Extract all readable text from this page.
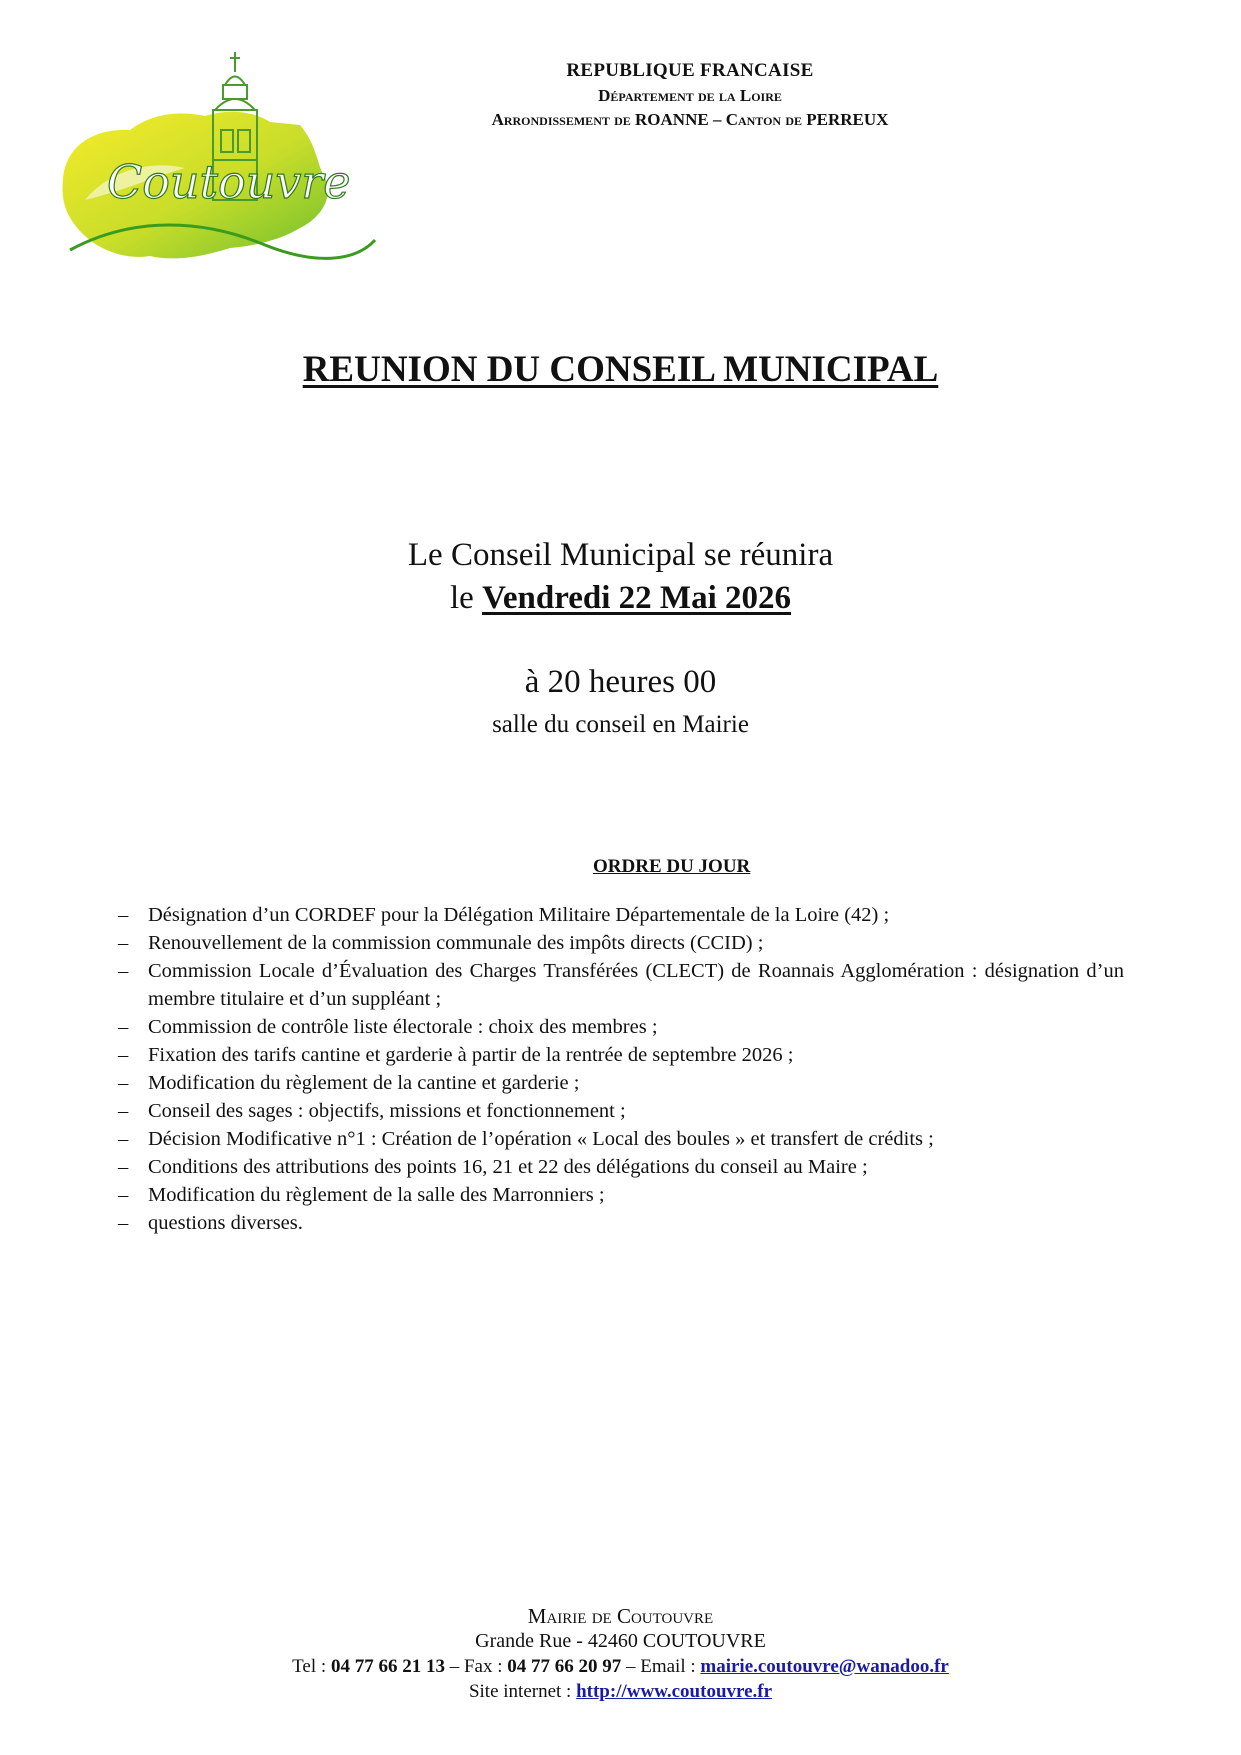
Coutouvre
REPUBLIQUE FRANCAISE
Département de la Loire
Arrondissement de ROANNE – Canton de PERREUX
REUNION DU CONSEIL MUNICIPAL
Le Conseil Municipal se réunira
le Vendredi 22 Mai 2026
à 20 heures 00
salle du conseil en Mairie
ORDRE DU JOUR
– Désignation d’un CORDEF pour la Délégation Militaire Départementale de la Loire (42) ;
– Renouvellement de la commission communale des impôts directs (CCID) ;
– Commission Locale d’Évaluation des Charges Transférées (CLECT) de Roannais Agglomération : désignation d’un membre titulaire et d’un suppléant ;
– Commission de contrôle liste électorale : choix des membres ;
– Fixation des tarifs cantine et garderie à partir de la rentrée de septembre 2026 ;
– Modification du règlement de la cantine et garderie ;
– Conseil des sages : objectifs, missions et fonctionnement ;
– Décision Modificative n°1 : Création de l’opération « Local des boules » et transfert de crédits ;
– Conditions des attributions des points 16, 21 et 22 des délégations du conseil au Maire ;
– Modification du règlement de la salle des Marronniers ;
– questions diverses.
Mairie de Coutouvre
Grande Rue - 42460 COUTOUVRE
Tel : 04 77 66 21 13 – Fax : 04 77 66 20 97 – Email : mairie.coutouvre@wanadoo.fr
Site internet : http://www.coutouvre.fr
